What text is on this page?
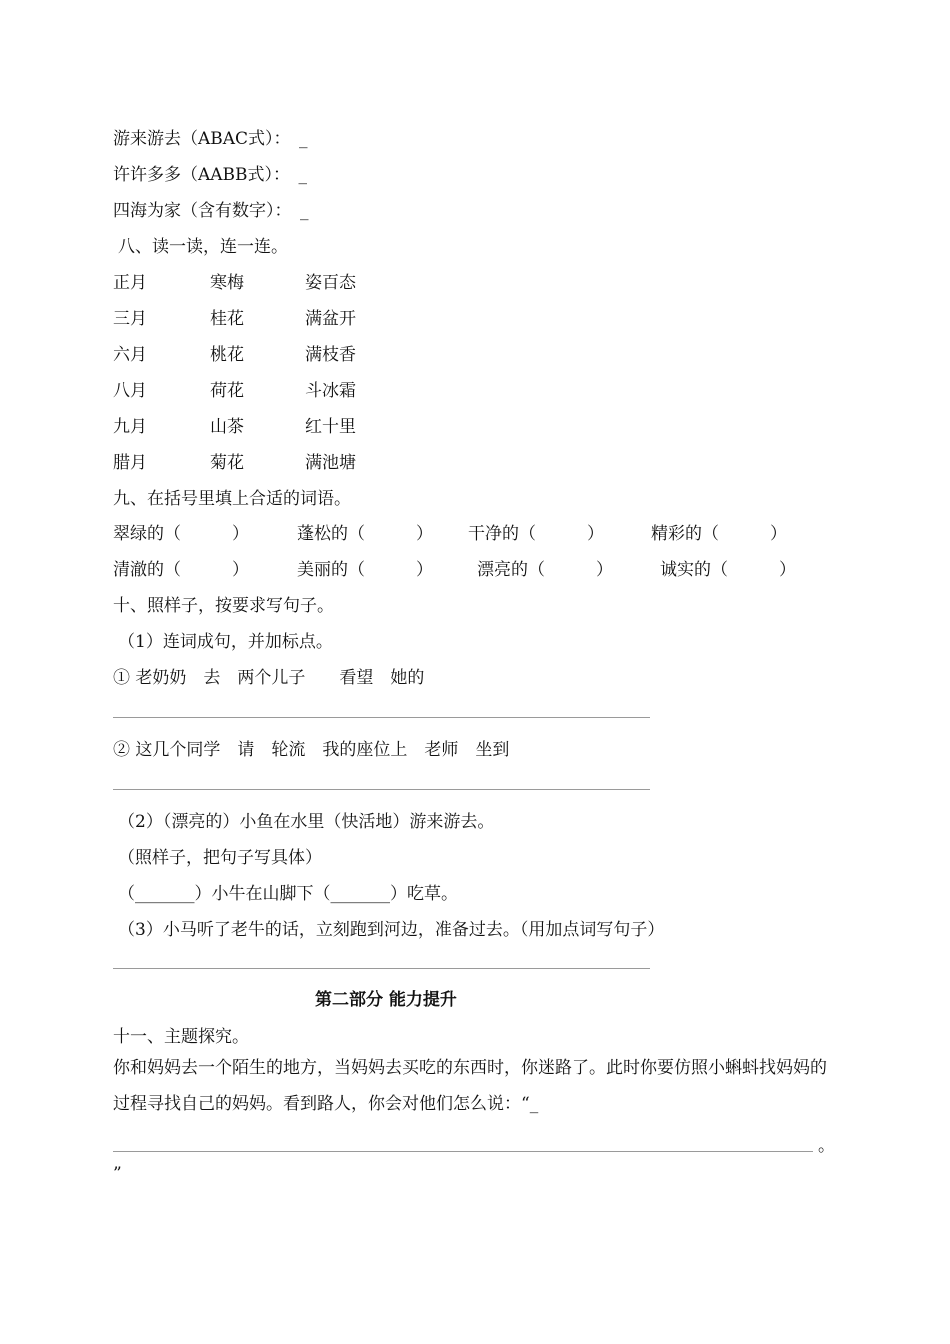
游来游去（ABAC式）：　_
许许多多（AABB式）：　_
四海为家（含有数字）：　_
八、读一读，连一连。
正月	寒梅	姿百态
三月	桂花	满盆开
六月	桃花	满枝香
八月	荷花	斗冰霜
九月	山茶	红十里
腊月	菊花	满池塘
九、在括号里填上合适的词语。
翠绿的（　　　）	蓬松的（　　　） 干净的（　　　）	精彩的（　　　）
清澈的（　　　）	美丽的（　　　）	漂亮的（　　　）	诚实的（　　　）
十、照样子，按要求写句子。
（1）连词成句，并加标点。
① 老奶奶　去　两个儿子　　看望　她的
② 这几个同学　请　轮流　我的座位上　老师　坐到
（2）（漂亮的）小鱼在水里（快活地）游来游去。
（照样子，把句子写具体）
（_______）小牛在山脚下（_______）吃草。
（3）小马听了老牛的话，立刻跑到河边，准备过去。（用加点词写句子）
第二部分 能力提升
十一、主题探究。
你和妈妈去一个陌生的地方，当妈妈去买吃的东西时，你迷路了。此时你要仿照小蝌蚪找妈妈的过程寻找自己的妈妈。看到路人，你会对他们怎么说：“_
。
”
